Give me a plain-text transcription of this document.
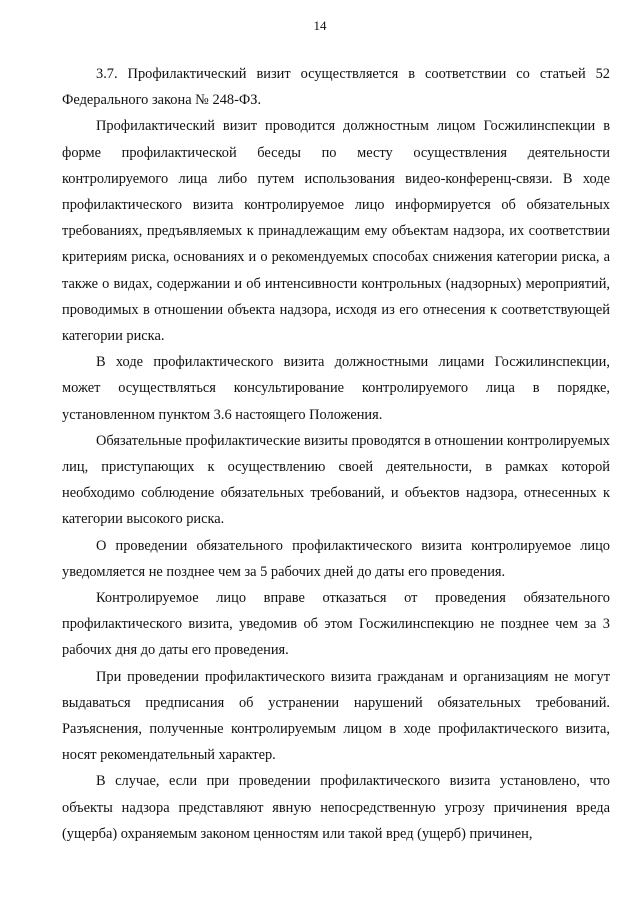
14

3.7. Профилактический визит осуществляется в соответствии со статьей 52 Федерального закона № 248-ФЗ.

Профилактический визит проводится должностным лицом Госжилинспекции в форме профилактической беседы по месту осуществления деятельности контролируемого лица либо путем использования видео-конференц-связи. В ходе профилактического визита контролируемое лицо информируется об обязательных требованиях, предъявляемых к принадлежащим ему объектам надзора, их соответствии критериям риска, основаниях и о рекомендуемых способах снижения категории риска, а также о видах, содержании и об интенсивности контрольных (надзорных) мероприятий, проводимых в отношении объекта надзора, исходя из его отнесения к соответствующей категории риска.

В ходе профилактического визита должностными лицами Госжилинспекции, может осуществляться консультирование контролируемого лица в порядке, установленном пунктом 3.6 настоящего Положения.

Обязательные профилактические визиты проводятся в отношении контролируемых лиц, приступающих к осуществлению своей деятельности, в рамках которой необходимо соблюдение обязательных требований, и объектов надзора, отнесенных к категории высокого риска.

О проведении обязательного профилактического визита контролируемое лицо уведомляется не позднее чем за 5 рабочих дней до даты его проведения.

Контролируемое лицо вправе отказаться от проведения обязательного профилактического визита, уведомив об этом Госжилинспекцию не позднее чем за 3 рабочих дня до даты его проведения.

При проведении профилактического визита гражданам и организациям не могут выдаваться предписания об устранении нарушений обязательных требований. Разъяснения, полученные контролируемым лицом в ходе профилактического визита, носят рекомендательный характер.

В случае, если при проведении профилактического визита установлено, что объекты надзора представляют явную непосредственную угрозу причинения вреда (ущерба) охраняемым законом ценностям или такой вред (ущерб) причинен,
